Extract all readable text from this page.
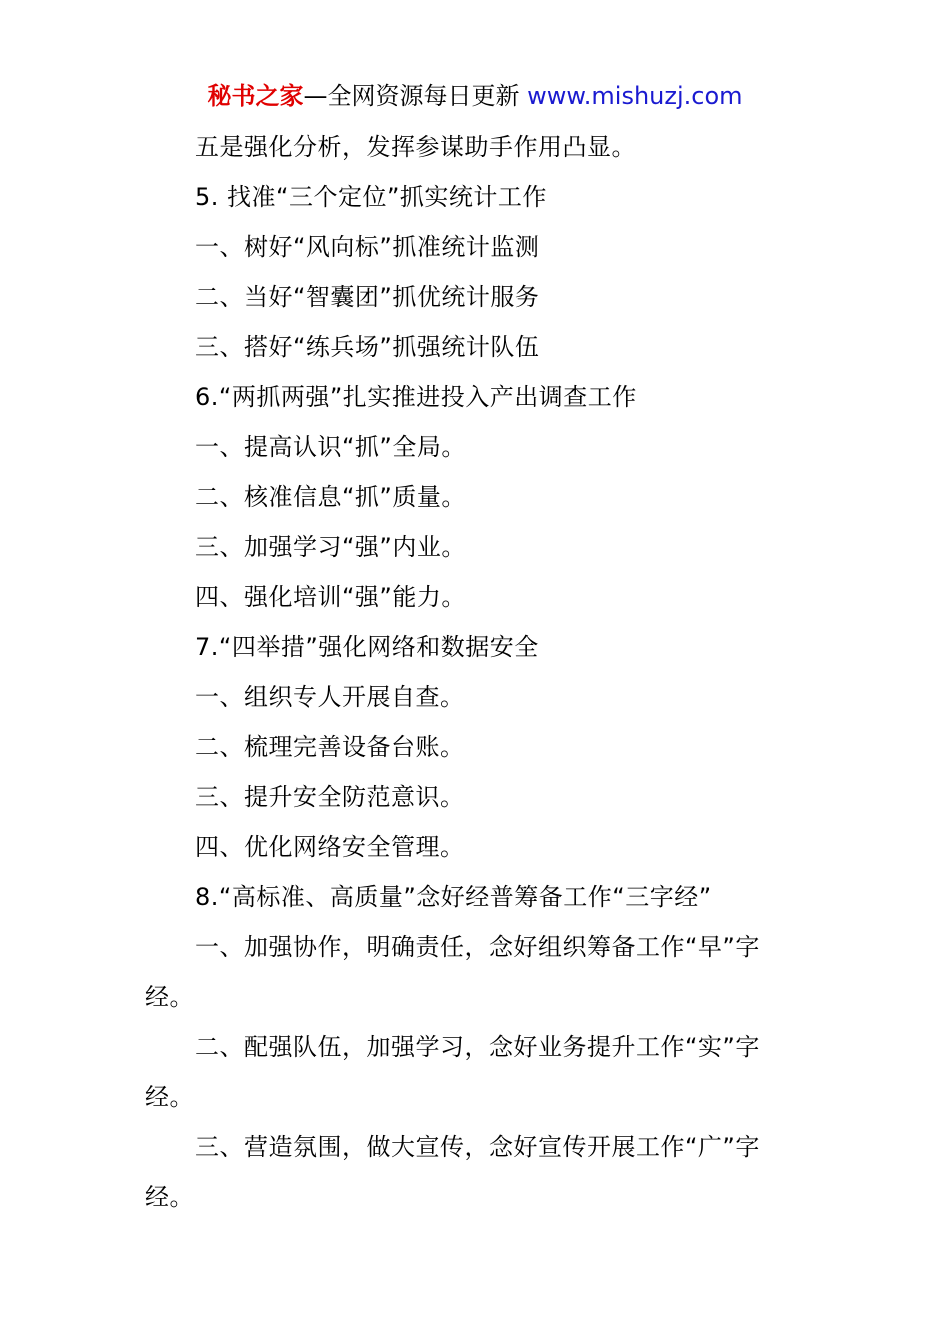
秘书之家—全网资源每日更新 www.mishuzj.com

五是强化分析，发挥参谋助手作用凸显。

5. 找准“三个定位”抓实统计工作

一、树好“风向标”抓准统计监测

二、当好“智囊团”抓优统计服务

三、搭好“练兵场”抓强统计队伍

6.“两抓两强”扎实推进投入产出调查工作

一、提高认识“抓”全局。

二、核准信息“抓”质量。

三、加强学习“强”内业。

四、强化培训“强”能力。

7.“四举措”强化网络和数据安全

一、组织专人开展自查。

二、梳理完善设备台账。

三、提升安全防范意识。

四、优化网络安全管理。

8.“高标准、高质量”念好经普筹备工作“三字经”

一、加强协作，明确责任，念好组织筹备工作“早”字经。

二、配强队伍，加强学习，念好业务提升工作“实”字经。

三、营造氛围，做大宣传，念好宣传开展工作“广”字经。
